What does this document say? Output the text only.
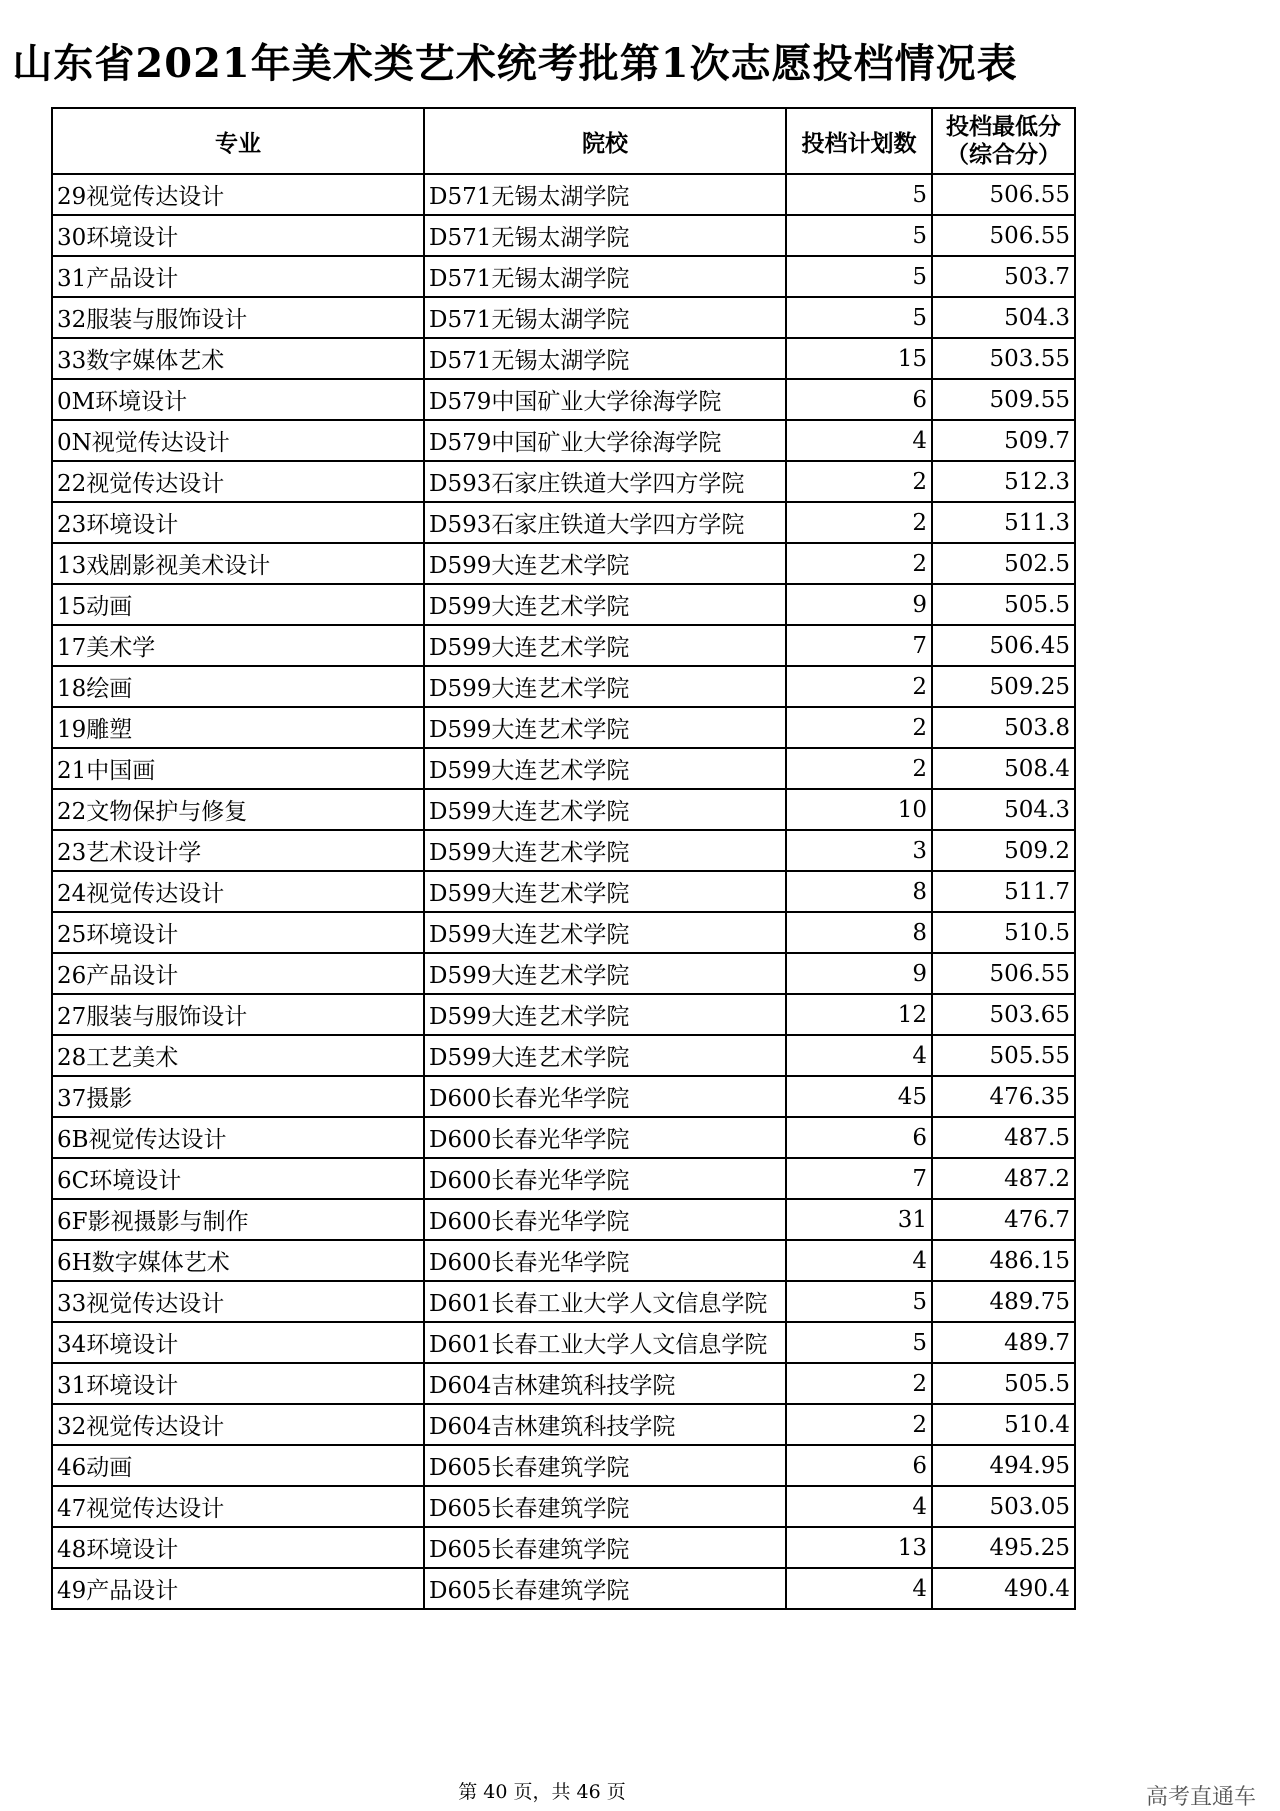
山东省2021年美术类艺术统考批第1次志愿投档情况表
专业	院校	投档计划数	投档最低分
（综合分）

29视觉传达设计	D571无锡太湖学院	5	506.55
30环境设计	D571无锡太湖学院	5	506.55
31产品设计	D571无锡太湖学院	5	503.7
32服装与服饰设计	D571无锡太湖学院	5	504.3
33数字媒体艺术	D571无锡太湖学院	15	503.55
0M环境设计	D579中国矿业大学徐海学院	6	509.55
0N视觉传达设计	D579中国矿业大学徐海学院	4	509.7
22视觉传达设计	D593石家庄铁道大学四方学院	2	512.3
23环境设计	D593石家庄铁道大学四方学院	2	511.3
13戏剧影视美术设计	D599大连艺术学院	2	502.5
15动画	D599大连艺术学院	9	505.5
17美术学	D599大连艺术学院	7	506.45
18绘画	D599大连艺术学院	2	509.25
19雕塑	D599大连艺术学院	2	503.8
21中国画	D599大连艺术学院	2	508.4
22文物保护与修复	D599大连艺术学院	10	504.3
23艺术设计学	D599大连艺术学院	3	509.2
24视觉传达设计	D599大连艺术学院	8	511.7
25环境设计	D599大连艺术学院	8	510.5
26产品设计	D599大连艺术学院	9	506.55
27服装与服饰设计	D599大连艺术学院	12	503.65
28工艺美术	D599大连艺术学院	4	505.55
37摄影	D600长春光华学院	45	476.35
6B视觉传达设计	D600长春光华学院	6	487.5
6C环境设计	D600长春光华学院	7	487.2
6F影视摄影与制作	D600长春光华学院	31	476.7
6H数字媒体艺术	D600长春光华学院	4	486.15
33视觉传达设计	D601长春工业大学人文信息学院	5	489.75
34环境设计	D601长春工业大学人文信息学院	5	489.7
31环境设计	D604吉林建筑科技学院	2	505.5
32视觉传达设计	D604吉林建筑科技学院	2	510.4
46动画	D605长春建筑学院	6	494.95
47视觉传达设计	D605长春建筑学院	4	503.05
48环境设计	D605长春建筑学院	13	495.25
49产品设计	D605长春建筑学院	4	490.4
第 40 页，共 46 页	高考直通车
